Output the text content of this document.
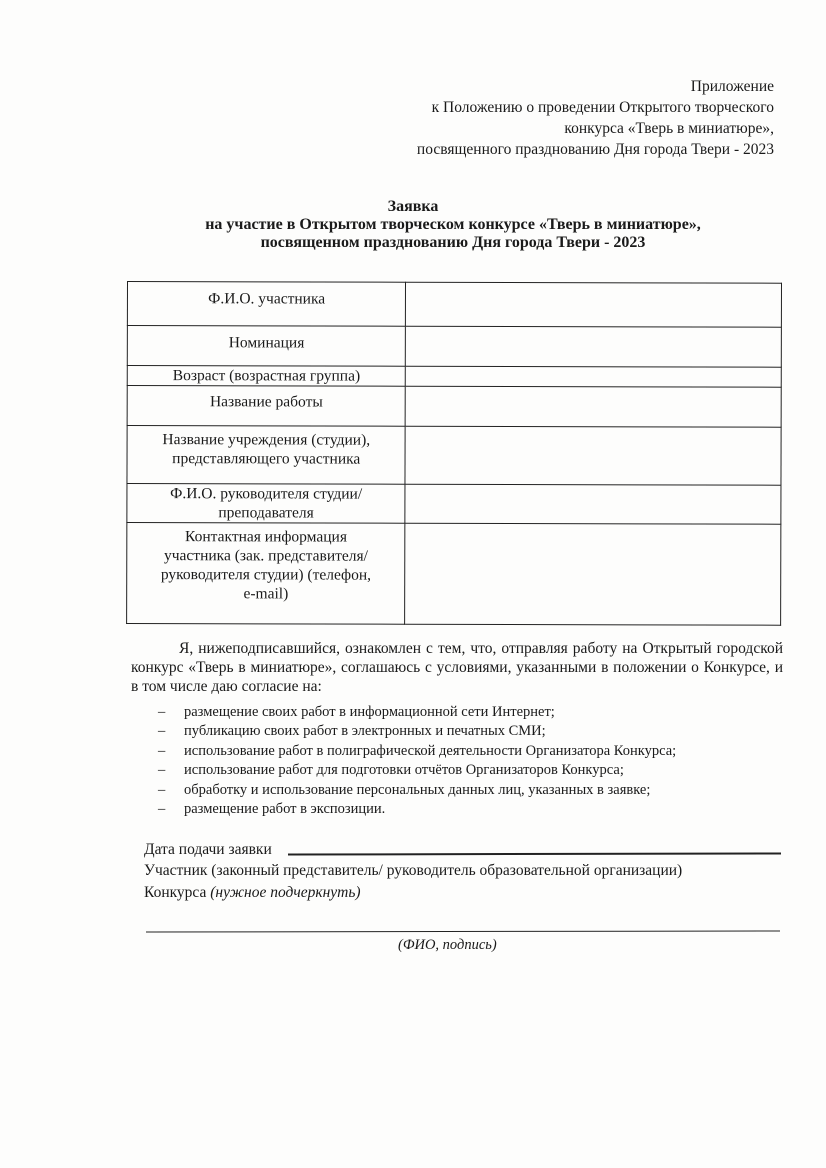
Приложение
к Положению о проведении Открытого творческого
конкурса «Тверь в миниатюре»,
посвященного празднованию Дня города Твери - 2023
Заявка
на участие в Открытом творческом конкурсе «Тверь в миниатюре»,
посвященном празднованию Дня города Твери - 2023
Ф.И.О. участника	
Номинация	
Возраст (возрастная группа)	
Название работы	
Название учреждения (студии), представляющего участника	
Ф.И.О. руководителя студии/ преподавателя	
Контактная информация участника (зак. представителя/ руководителя студии) (телефон, e-mail)	
Я, нижеподписавшийся, ознакомлен с тем, что, отправляя работу на Открытый городской конкурс «Тверь в миниатюре», соглашаюсь с условиями, указанными в положении о Конкурсе, и в том числе даю согласие на:
– размещение своих работ в информационной сети Интернет;
– публикацию своих работ в электронных и печатных СМИ;
– использование работ в полиграфической деятельности Организатора Конкурса;
– использование работ для подготовки отчётов Организаторов Конкурса;
– обработку и использование персональных данных лиц, указанных в заявке;
– размещение работ в экспозиции.
Дата подачи заявки
Участник (законный представитель/ руководитель образовательной организации)
Конкурса (нужное подчеркнуть)
(ФИО, подпись)
